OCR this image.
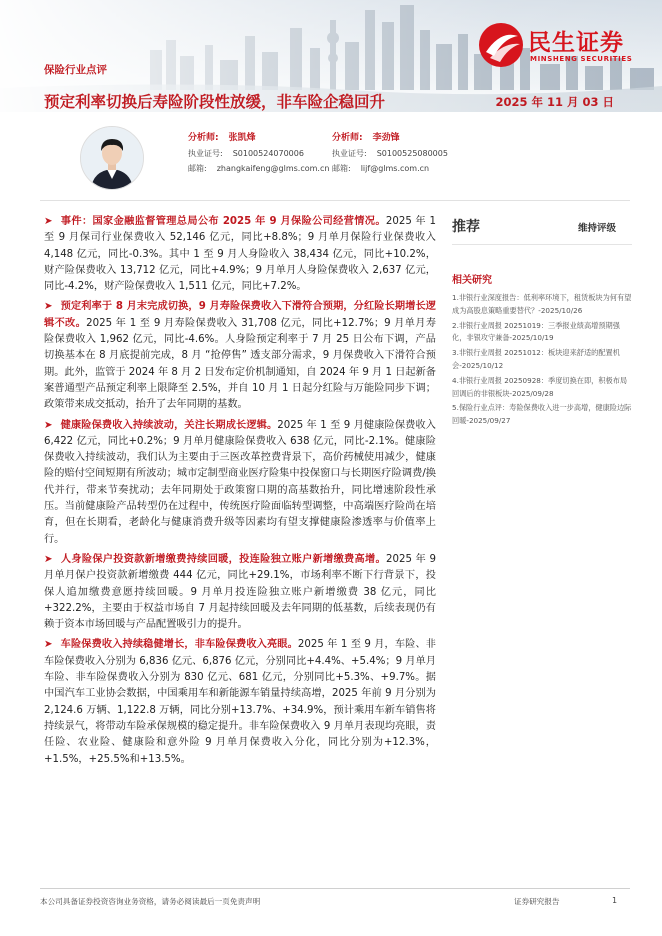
保险行业点评
预定利率切换后寿险阶段性放缓，非车险企稳回升	2025 年 11 月 03 日
民生证券
MINSHENG SECURITIES
分析师: 张凯烽
执业证号: S0100524070006
邮箱: zhangkaifeng@glms.com.cn
分析师: 李劲锋
执业证号: S0100525080005
邮箱: lijf@glms.com.cn

➤ 事件：国家金融监督管理总局公布 2025 年 9 月保险公司经营情况。2025 年 1 至 9 月保司行业保费收入 52,146 亿元，同比+8.8%；9 月单月保险行业保费收入 4,148 亿元，同比-0.3%。其中 1 至 9 月人身险收入 38,434 亿元，同比+10.2%，财产险保费收入 13,712 亿元，同比+4.9%；9 月单月人身险保费收入 2,637 亿元，同比-4.2%，财产险保费收入 1,511 亿元，同比+7.2%。

➤ 预定利率于 8 月末完成切换，9 月寿险保费收入下滑符合预期，分红险长期增长逻辑不改。2025 年 1 至 9 月寿险保费收入 31,708 亿元，同比+12.7%；9 月单月寿险保费收入 1,962 亿元，同比-4.6%。人身险预定利率于 7 月 25 日公布下调，产品切换基本在 8 月底提前完成，8 月 “抢停售” 透支部分需求，9 月保费收入下滑符合预期。此外，监管于 2024 年 8 月 2 日发布定价机制通知，自 2024 年 9 月 1 日起新备案普通型产品预定利率上限降至 2.5%，并自 10 月 1 日起分红险与万能险同步下调；政策带来成交抵动，抬升了去年同期的基数。

➤ 健康险保费收入持续波动，关注长期成长逻辑。2025 年 1 至 9 月健康险保费收入 6,422 亿元，同比+0.2%；9 月单月健康险保费收入 638 亿元，同比-2.1%。健康险保费收入持续波动，我们认为主要由于三医改革控费背景下，高价药械使用减少，健康险的赔付空间短期有所波动；城市定制型商业医疗险集中投保窗口与长期医疗险调费/换代并行，带来节奏扰动；去年同期处于政策窗口期的高基数抬升，同比增速阶段性承压。当前健康险产品转型仍在过程中，传统医疗险面临转型调整，中高端医疗险尚在培育，但在长期看，老龄化与健康消费升级等因素均有望支撑健康险渗透率与价值率上行。

➤ 人身险保户投资款新增缴费持续回暖，投连险独立账户新增缴费高增。2025 年 9 月单月保户投资款新增缴费 444 亿元，同比+29.1%，市场利率不断下行背景下，投保人追加缴费意愿持续回暖。9 月单月投连险独立账户新增缴费 38 亿元，同比+322.2%，主要由于权益市场自 7 月起持续回暖及去年同期的低基数，后续表现仍有赖于资本市场回暖与产品配置吸引力的提升。

➤ 车险保费收入持续稳健增长，非车险保费收入亮眼。2025 年 1 至 9 月，车险、非车险保费收入分别为 6,836 亿元、6,876 亿元，分别同比+4.4%、+5.4%；9 月单月车险、非车险保费收入分别为 830 亿元、681 亿元，分别同比+5.3%、+9.7%。据中国汽车工业协会数据，中国乘用车和新能源车销量持续高增，2025 年前 9 月分别为 2,124.6 万辆、1,122.8 万辆，同比分别+13.7%、+34.9%，预计乘用车新车销售将持续景气，将带动车险承保规模的稳定提升。非车险保费收入 9 月单月表现均亮眼，责任险、农业险、健康险和意外险 9 月单月保费收入分化，同比分别为+12.3%，+1.5%，+25.5%和+13.5%。

推荐	维持评级
相关研究
1.非银行业深度报告：低利率环境下，租赁板块为何有望成为高股息策略重要替代？-2025/10/26
2.非银行业周报 20251019：三季报业绩高增预期强化，非银攻守兼备-2025/10/19
3.非银行业周报 20251012：板块迎来舒适的配置机会-2025/10/12
4.非银行业周报 20250928：季度切换在即，积极布局回调后的非银板块-2025/09/28
5.保险行业点评：寿险保费收入进一步高增，健康险边际回暖-2025/09/27
本公司具备证券投资咨询业务资格，请务必阅读最后一页免责声明	证券研究报告	1
